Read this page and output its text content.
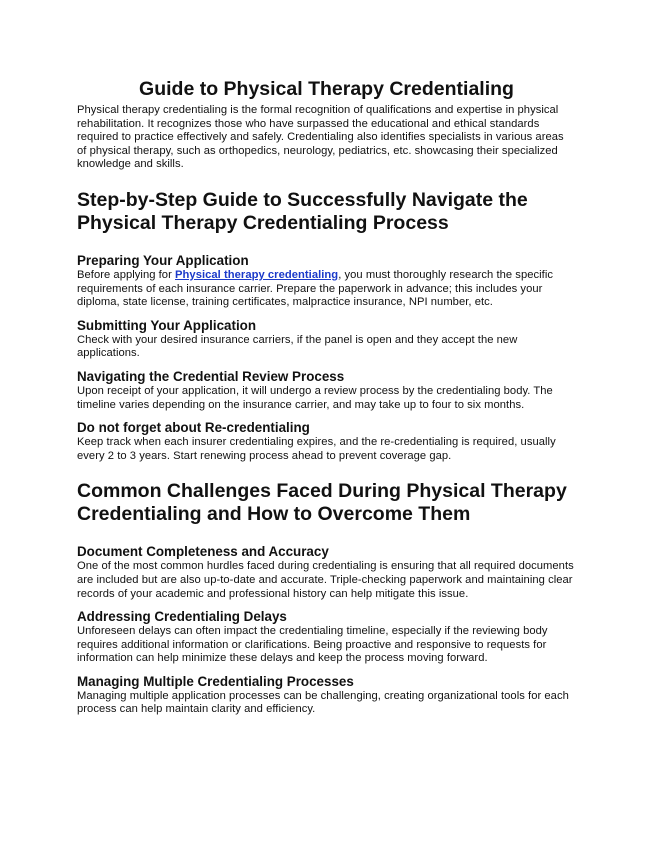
Guide to Physical Therapy Credentialing

Physical therapy credentialing is the formal recognition of qualifications and expertise in physical rehabilitation. It recognizes those who have surpassed the educational and ethical standards required to practice effectively and safely. Credentialing also identifies specialists in various areas of physical therapy, such as orthopedics, neurology, pediatrics, etc. showcasing their specialized knowledge and skills.

Step-by-Step Guide to Successfully Navigate the Physical Therapy Credentialing Process
Preparing Your Application

Before applying for Physical therapy credentialing, you must thoroughly research the specific requirements of each insurance carrier. Prepare the paperwork in advance; this includes your diploma, state license, training certificates, malpractice insurance, NPI number, etc.

Submitting Your Application

Check with your desired insurance carriers, if the panel is open and they accept the new applications.

Navigating the Credential Review Process

Upon receipt of your application, it will undergo a review process by the credentialing body. The timeline varies depending on the insurance carrier, and may take up to four to six months.

Do not forget about Re-credentialing

Keep track when each insurer credentialing expires, and the re-credentialing is required, usually every 2 to 3 years. Start renewing process ahead to prevent coverage gap.

Common Challenges Faced During Physical Therapy Credentialing and How to Overcome Them
Document Completeness and Accuracy

One of the most common hurdles faced during credentialing is ensuring that all required documents are included but are also up-to-date and accurate. Triple-checking paperwork and maintaining clear records of your academic and professional history can help mitigate this issue.

Addressing Credentialing Delays

Unforeseen delays can often impact the credentialing timeline, especially if the reviewing body requires additional information or clarifications. Being proactive and responsive to requests for information can help minimize these delays and keep the process moving forward.

Managing Multiple Credentialing Processes

Managing multiple application processes can be challenging, creating organizational tools for each process can help maintain clarity and efficiency.
